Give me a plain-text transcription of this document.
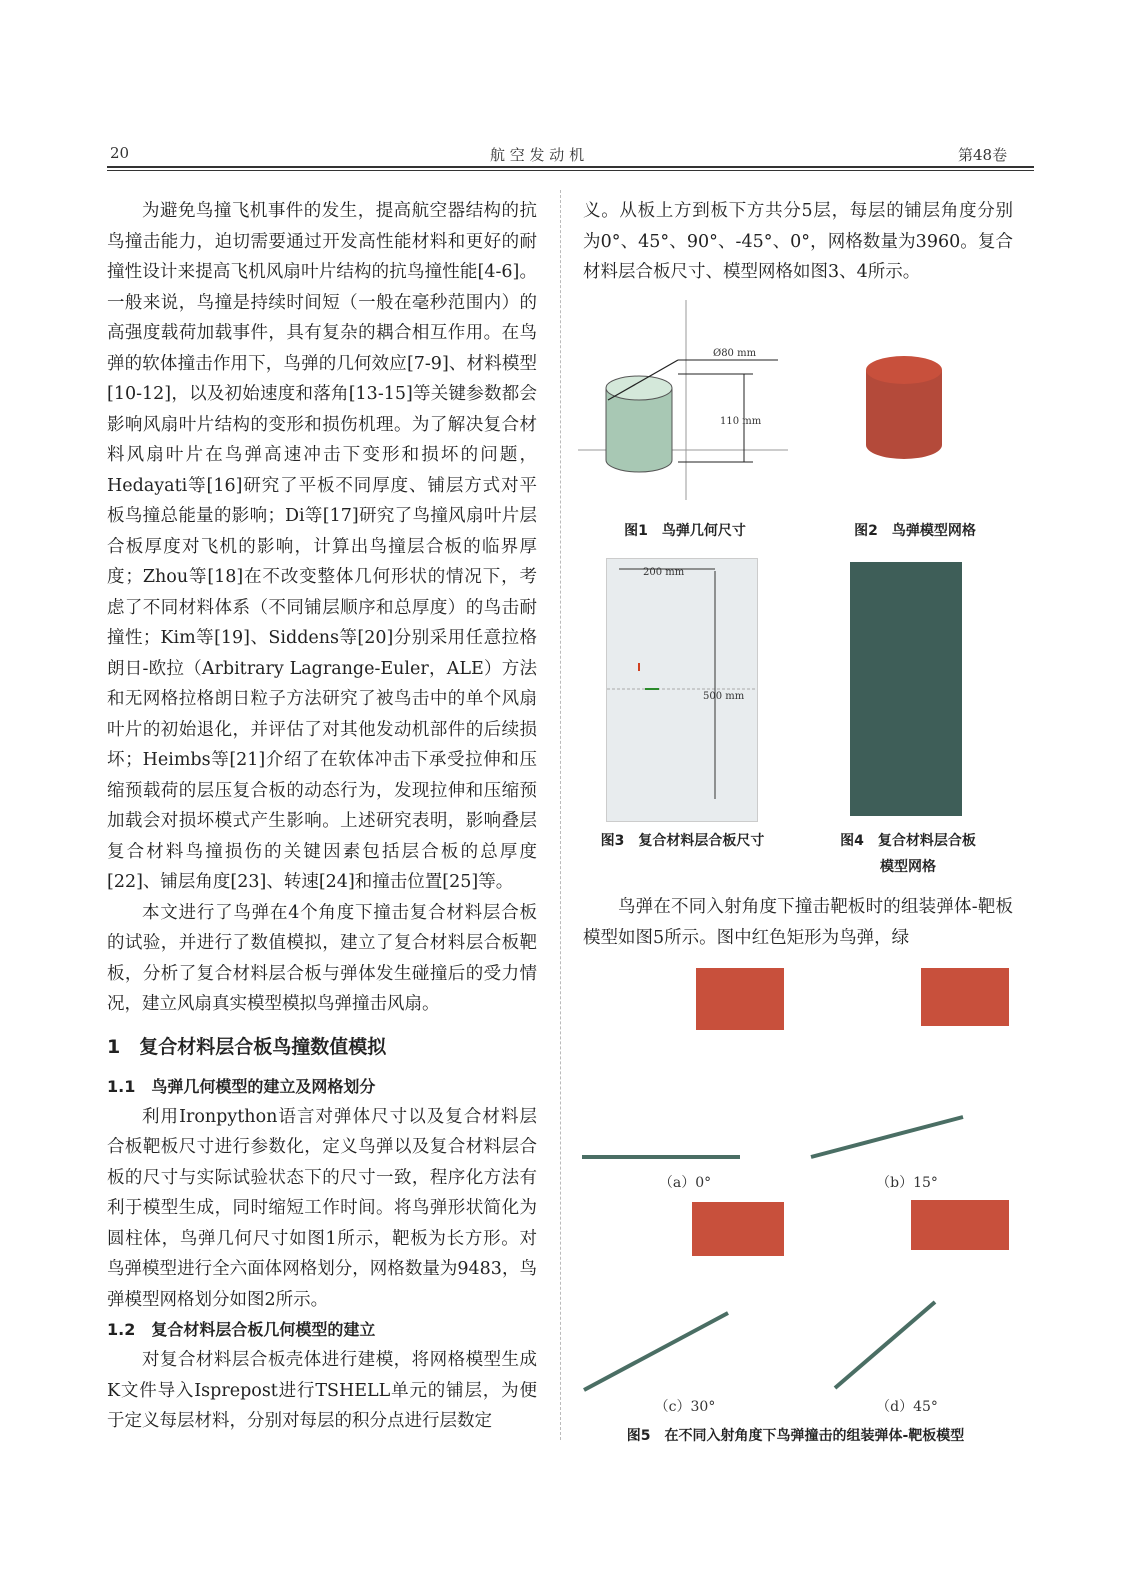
20	航 空 发 动 机	第48卷

为避免鸟撞飞机事件的发生，提高航空器结构的抗鸟撞击能力，迫切需要通过开发高性能材料和更好的耐撞性设计来提高飞机风扇叶片结构的抗鸟撞性能[4-6]。一般来说，鸟撞是持续时间短（一般在毫秒范围内）的高强度载荷加载事件，具有复杂的耦合相互作用。在鸟弹的软体撞击作用下，鸟弹的几何效应[7-9]、材料模型[10-12]，以及初始速度和落角[13-15]等关键参数都会影响风扇叶片结构的变形和损伤机理。为了解决复合材料风扇叶片在鸟弹高速冲击下变形和损坏的问题，Hedayati等[16]研究了平板不同厚度、铺层方式对平板鸟撞总能量的影响；Di等[17]研究了鸟撞风扇叶片层合板厚度对飞机的影响，计算出鸟撞层合板的临界厚度；Zhou等[18]在不改变整体几何形状的情况下，考虑了不同材料体系（不同铺层顺序和总厚度）的鸟击耐撞性；Kim等[19]、Siddens等[20]分别采用任意拉格朗日-欧拉（Arbitrary Lagrange-Euler，ALE）方法和无网格拉格朗日粒子方法研究了被鸟击中的单个风扇叶片的初始退化，并评估了对其他发动机部件的后续损坏；Heimbs等[21]介绍了在软体冲击下承受拉伸和压缩预载荷的层压复合板的动态行为，发现拉伸和压缩预加载会对损坏模式产生影响。上述研究表明，影响叠层复合材料鸟撞损伤的关键因素包括层合板的总厚度[22]、铺层角度[23]、转速[24]和撞击位置[25]等。

本文进行了鸟弹在4个角度下撞击复合材料层合板的试验，并进行了数值模拟，建立了复合材料层合板靶板，分析了复合材料层合板与弹体发生碰撞后的受力情况，建立风扇真实模型模拟鸟弹撞击风扇。

1　复合材料层合板鸟撞数值模拟
1.1　鸟弹几何模型的建立及网格划分

利用Ironpython语言对弹体尺寸以及复合材料层合板靶板尺寸进行参数化，定义鸟弹以及复合材料层合板的尺寸与实际试验状态下的尺寸一致，程序化方法有利于模型生成，同时缩短工作时间。将鸟弹形状简化为圆柱体，鸟弹几何尺寸如图1所示，靶板为长方形。对鸟弹模型进行全六面体网格划分，网格数量为9483，鸟弹模型网格划分如图2所示。

1.2　复合材料层合板几何模型的建立

对复合材料层合板壳体进行建模，将网格模型生成K文件导入Isprepost进行TSHELL单元的铺层，为便于定义每层材料，分别对每层的积分点进行层数定

义。从板上方到板下方共分5层，每层的铺层角度分别为0°、45°、90°、-45°、0°，网格数量为3960。复合材料层合板尺寸、模型网格如图3、4所示。

Ø80 mm
110 mm
图1　鸟弹几何尺寸	图2　鸟弹模型网格
200 mm
500 mm
图3　复合材料层合板尺寸	图4　复合材料层合板
模型网格

鸟弹在不同入射角度下撞击靶板时的组装弹体-靶板模型如图5所示。图中红色矩形为鸟弹，绿

（a）0°	（b）15°
（c）30°	（d）45°
图5　在不同入射角度下鸟弹撞击的组装弹体-靶板模型
